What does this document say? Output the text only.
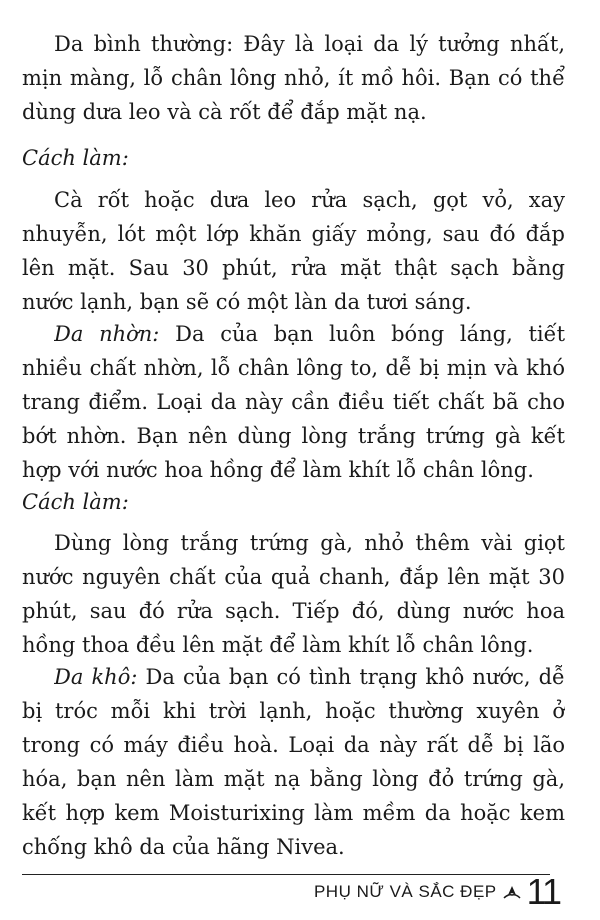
Da bình thường: Đây là loại da lý tưởng nhất,
mịn màng, lỗ chân lông nhỏ, ít mồ hôi. Bạn có thể
dùng dưa leo và cà rốt để đắp mặt nạ.
Cách làm:
Cà rốt hoặc dưa leo rửa sạch, gọt vỏ, xay
nhuyễn, lót một lớp khăn giấy mỏng, sau đó đắp
lên mặt. Sau 30 phút, rửa mặt thật sạch bằng
nước lạnh, bạn sẽ có một làn da tươi sáng.
Da nhờn: Da của bạn luôn bóng láng, tiết
nhiều chất nhờn, lỗ chân lông to, dễ bị mịn và khó
trang điểm. Loại da này cần điều tiết chất bã cho
bớt nhờn. Bạn nên dùng lòng trắng trứng gà kết
hợp với nước hoa hồng để làm khít lỗ chân lông.
Cách làm:
Dùng lòng trắng trứng gà, nhỏ thêm vài giọt
nước nguyên chất của quả chanh, đắp lên mặt 30
phút, sau đó rửa sạch. Tiếp đó, dùng nước hoa
hồng thoa đều lên mặt để làm khít lỗ chân lông.
Da khô: Da của bạn có tình trạng khô nước, dễ
bị tróc mỗi khi trời lạnh, hoặc thường xuyên ở
trong có máy điều hoà. Loại da này rất dễ bị lão
hóa, bạn nên làm mặt nạ bằng lòng đỏ trứng gà,
kết hợp kem Moisturixing làm mềm da hoặc kem
chống khô da của hãng Nivea.
PHỤ NỮ VÀ SẮC ĐẸP 11
